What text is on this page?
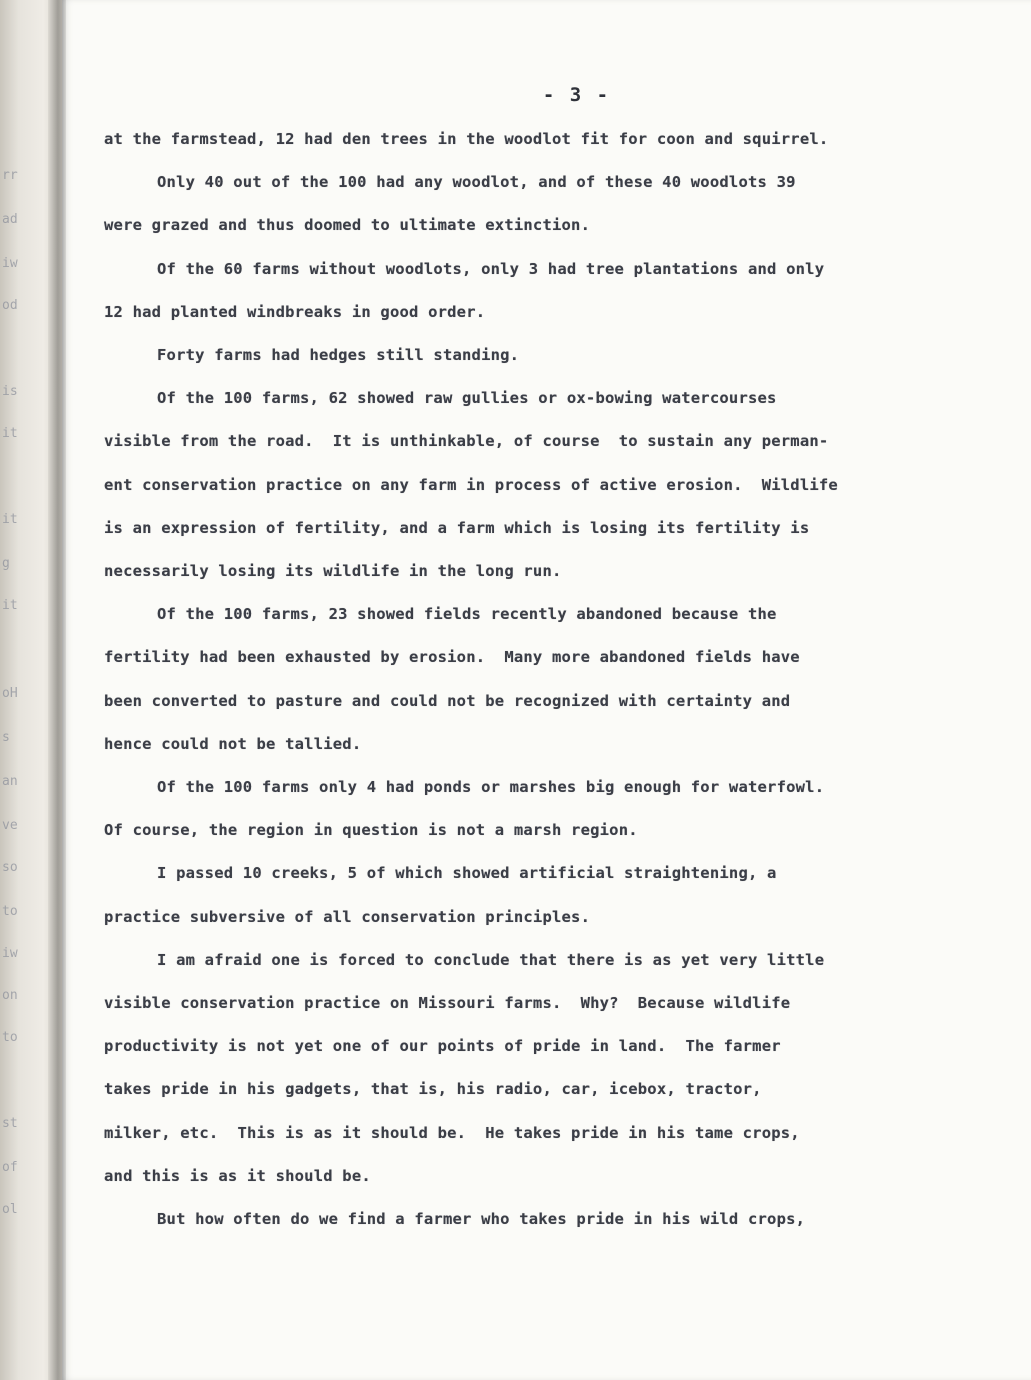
rr
ad
iw
od
is
it
it
g
it
oH
s
an
ve
so
to
iw
on
to
st
of
ol
- 3 -
at the farmstead, 12 had den trees in the woodlot fit for coon and squirrel.
Only 40 out of the 100 had any woodlot, and of these 40 woodlots 39
were grazed and thus doomed to ultimate extinction.
Of the 60 farms without woodlots, only 3 had tree plantations and only
12 had planted windbreaks in good order.
Forty farms had hedges still standing.
Of the 100 farms, 62 showed raw gullies or ox-bowing watercourses
visible from the road.  It is unthinkable, of course  to sustain any perman-
ent conservation practice on any farm in process of active erosion.  Wildlife
is an expression of fertility, and a farm which is losing its fertility is
necessarily losing its wildlife in the long run.
Of the 100 farms, 23 showed fields recently abandoned because the
fertility had been exhausted by erosion.  Many more abandoned fields have
been converted to pasture and could not be recognized with certainty and
hence could not be tallied.
Of the 100 farms only 4 had ponds or marshes big enough for waterfowl.
Of course, the region in question is not a marsh region.
I passed 10 creeks, 5 of which showed artificial straightening, a
practice subversive of all conservation principles.
I am afraid one is forced to conclude that there is as yet very little
visible conservation practice on Missouri farms.  Why?  Because wildlife
productivity is not yet one of our points of pride in land.  The farmer
takes pride in his gadgets, that is, his radio, car, icebox, tractor,
milker, etc.  This is as it should be.  He takes pride in his tame crops,
and this is as it should be.
But how often do we find a farmer who takes pride in his wild crops,
